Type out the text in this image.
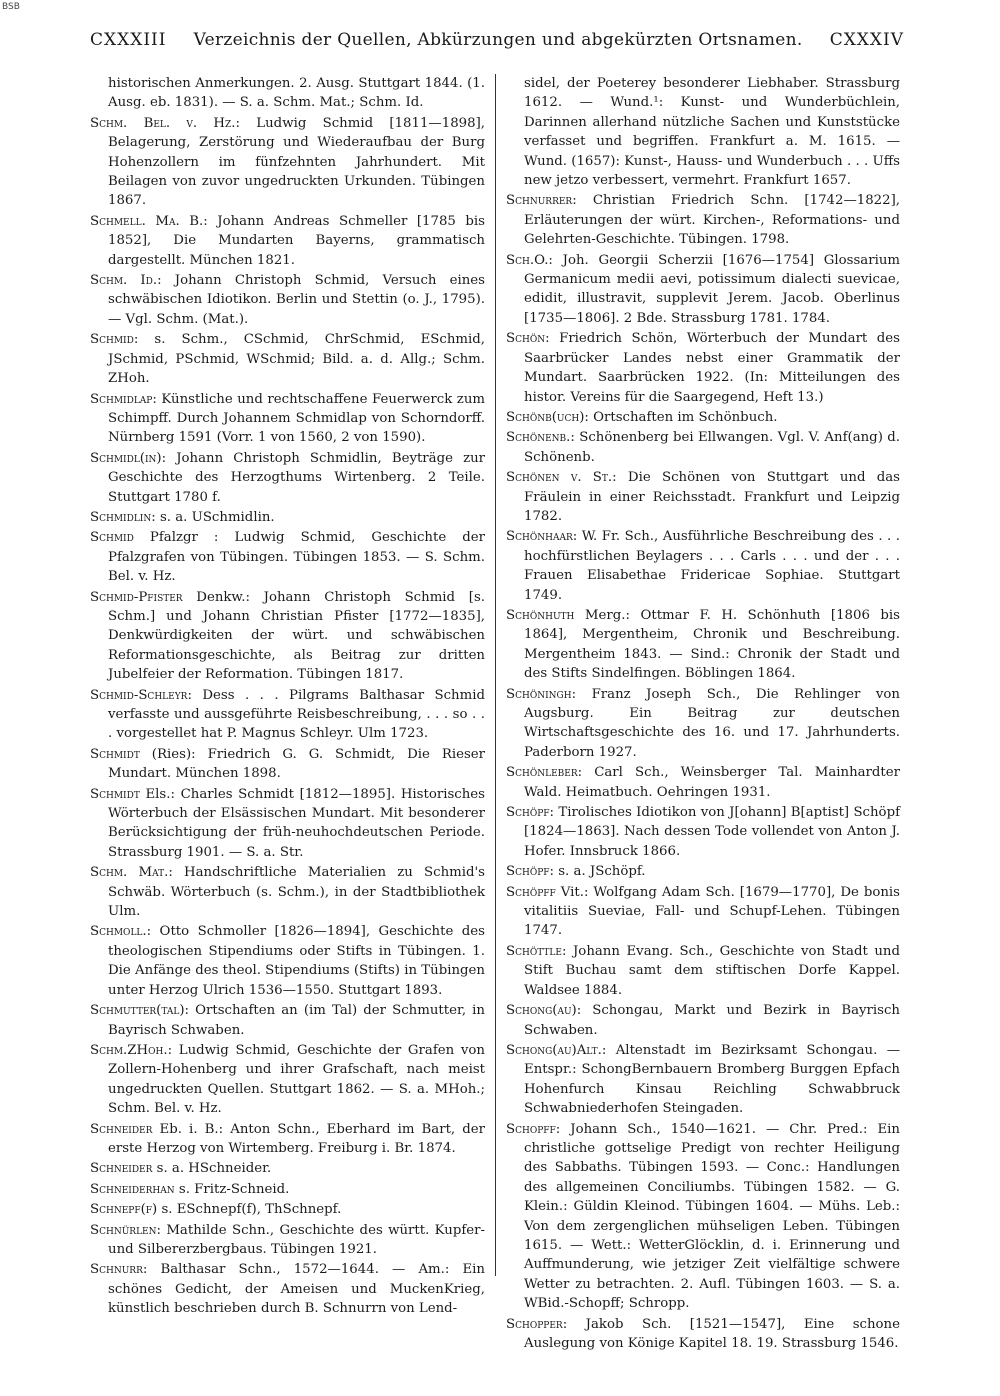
BSB
CXXXIII Verzeichnis der Quellen, Abkürzungen und abgekürzten Ortsnamen. CXXXIV

historischen Anmerkungen. 2. Ausg. Stuttgart 1844. (1. Ausg. eb. 1831). — S. a. Schm. Mat.; Schm. Id.

Schm. Bel. v. Hz.: Ludwig Schmid [1811—1898], Belagerung, Zerstörung und Wiederaufbau der Burg Hohenzollern im fünfzehnten Jahrhundert. Mit Beilagen von zuvor ungedruckten Urkunden. Tübingen 1867.

Schmell. Ma. B.: Johann Andreas Schmeller [1785 bis 1852], Die Mundarten Bayerns, grammatisch dargestellt. München 1821.

Schm. Id.: Johann Christoph Schmid, Versuch eines schwäbischen Idiotikon. Berlin und Stettin (o. J., 1795). — Vgl. Schm. (Mat.).

Schmid: s. Schm., CSchmid, ChrSchmid, ESchmid, JSchmid, PSchmid, WSchmid; Bild. a. d. Allg.; Schm. ZHoh.

Schmidlap: Künstliche und rechtschaffene Feuerwerck zum Schimpff. Durch Johannem Schmidlap von Schorndorff. Nürnberg 1591 (Vorr. 1 von 1560, 2 von 1590).

Schmidl(in): Johann Christoph Schmidlin, Beyträge zur Geschichte des Herzogthums Wirtenberg. 2 Teile. Stuttgart 1780 f.

Schmidlin: s. a. USchmidlin.

Schmid Pfalzgr : Ludwig Schmid, Geschichte der Pfalzgrafen von Tübingen. Tübingen 1853. — S. Schm. Bel. v. Hz.

Schmid-Pfister Denkw.: Johann Christoph Schmid [s. Schm.] und Johann Christian Pfister [1772—1835], Denkwürdigkeiten der würt. und schwäbischen Reformationsgeschichte, als Beitrag zur dritten Jubelfeier der Reformation. Tübingen 1817.

Schmid-Schleyr: Dess . . . Pilgrams Balthasar Schmid verfasste und aussgeführte Reisbeschreibung, . . . so . . . vorgestellet hat P. Magnus Schleyr. Ulm 1723.

Schmidt (Ries): Friedrich G. G. Schmidt, Die Rieser Mundart. München 1898.

Schmidt Els.: Charles Schmidt [1812—1895]. Historisches Wörterbuch der Elsässischen Mundart. Mit besonderer Berücksichtigung der früh-neuhochdeutschen Periode. Strassburg 1901. — S. a. Str.

Schm. Mat.: Handschriftliche Materialien zu Schmid's Schwäb. Wörterbuch (s. Schm.), in der Stadtbibliothek Ulm.

Schmoll.: Otto Schmoller [1826—1894], Geschichte des theologischen Stipendiums oder Stifts in Tübingen. 1. Die Anfänge des theol. Stipendiums (Stifts) in Tübingen unter Herzog Ulrich 1536—1550. Stuttgart 1893.

Schmutter(tal): Ortschaften an (im Tal) der Schmutter, in Bayrisch Schwaben.

Schm.ZHoh.: Ludwig Schmid, Geschichte der Grafen von Zollern-Hohenberg und ihrer Grafschaft, nach meist ungedruckten Quellen. Stuttgart 1862. — S. a. MHoh.; Schm. Bel. v. Hz.

Schneider Eb. i. B.: Anton Schn., Eberhard im Bart, der erste Herzog von Wirtemberg. Freiburg i. Br. 1874.

Schneider s. a. HSchneider.

Schneiderhan s. Fritz-Schneid.

Schnepf(f) s. ESchnepf(f), ThSchnepf.

Schnürlen: Mathilde Schn., Geschichte des württ. Kupfer- und Silbererzbergbaus. Tübingen 1921.

Schnurr: Balthasar Schn., 1572—1644. — Am.: Ein schönes Gedicht, der Ameisen und MuckenKrieg, künstlich beschrieben durch B. Schnurrn von Lend-

sidel, der Poeterey besonderer Liebhaber. Strassburg 1612. — Wund.¹: Kunst- und Wunderbüchlein, Darinnen allerhand nützliche Sachen und Kunststücke verfasset und begriffen. Frankfurt a. M. 1615. — Wund. (1657): Kunst-, Hauss- und Wunderbuch . . . Uffs new jetzo verbessert, vermehrt. Frankfurt 1657.

Schnurrer: Christian Friedrich Schn. [1742—1822], Erläuterungen der würt. Kirchen-, Reformations- und Gelehrten-Geschichte. Tübingen. 1798.

Sch.O.: Joh. Georgii Scherzii [1676—1754] Glossarium Germanicum medii aevi, potissimum dialecti suevicae, edidit, illustravit, supplevit Jerem. Jacob. Oberlinus [1735—1806]. 2 Bde. Strassburg 1781. 1784.

Schön: Friedrich Schön, Wörterbuch der Mundart des Saarbrücker Landes nebst einer Grammatik der Mundart. Saarbrücken 1922. (In: Mitteilungen des histor. Vereins für die Saargegend, Heft 13.)

Schönb(uch): Ortschaften im Schönbuch.

Schönenb.: Schönenberg bei Ellwangen. Vgl. V. Anf(ang) d. Schönenb.

Schönen v. St.: Die Schönen von Stuttgart und das Fräulein in einer Reichsstadt. Frankfurt und Leipzig 1782.

Schönhaar: W. Fr. Sch., Ausführliche Beschreibung des . . . hochfürstlichen Beylagers . . . Carls . . . und der . . . Frauen Elisabethae Fridericae Sophiae. Stuttgart 1749.

Schönhuth Merg.: Ottmar F. H. Schönhuth [1806 bis 1864], Mergentheim, Chronik und Beschreibung. Mergentheim 1843. — Sind.: Chronik der Stadt und des Stifts Sindelfingen. Böblingen 1864.

Schöningh: Franz Joseph Sch., Die Rehlinger von Augsburg. Ein Beitrag zur deutschen Wirtschaftsgeschichte des 16. und 17. Jahrhunderts. Paderborn 1927.

Schönleber: Carl Sch., Weinsberger Tal. Mainhardter Wald. Heimatbuch. Oehringen 1931.

Schöpf: Tirolisches Idiotikon von J[ohann] B[aptist] Schöpf [1824—1863]. Nach dessen Tode vollendet von Anton J. Hofer. Innsbruck 1866.

Schöpf: s. a. JSchöpf.

Schöpff Vit.: Wolfgang Adam Sch. [1679—1770], De bonis vitalitiis Sueviae, Fall- und Schupf-Lehen. Tübingen 1747.

Schöttle: Johann Evang. Sch., Geschichte von Stadt und Stift Buchau samt dem stiftischen Dorfe Kappel. Waldsee 1884.

Schong(au): Schongau, Markt und Bezirk in Bayrisch Schwaben.

Schong(au)Alt.: Altenstadt im Bezirksamt Schongau. — Entspr.: SchongBernbauern Bromberg Burggen Epfach Hohenfurch Kinsau Reichling Schwabbruck Schwabniederhofen Steingaden.

Schopff: Johann Sch., 1540—1621. — Chr. Pred.: Ein christliche gottselige Predigt von rechter Heiligung des Sabbaths. Tübingen 1593. — Conc.: Handlungen des allgemeinen Conciliumbs. Tübingen 1582. — G. Klein.: Güldin Kleinod. Tübingen 1604. — Mühs. Leb.: Von dem zergenglichen mühseligen Leben. Tübingen 1615. — Wett.: WetterGlöcklin, d. i. Erinnerung und Auffmunderung, wie jetziger Zeit vielfältige schwere Wetter zu betrachten. 2. Aufl. Tübingen 1603. — S. a. WBid.-Schopff; Schropp.

Schopper: Jakob Sch. [1521—1547], Eine schone Auslegung von Könige Kapitel 18. 19. Strassburg 1546.
